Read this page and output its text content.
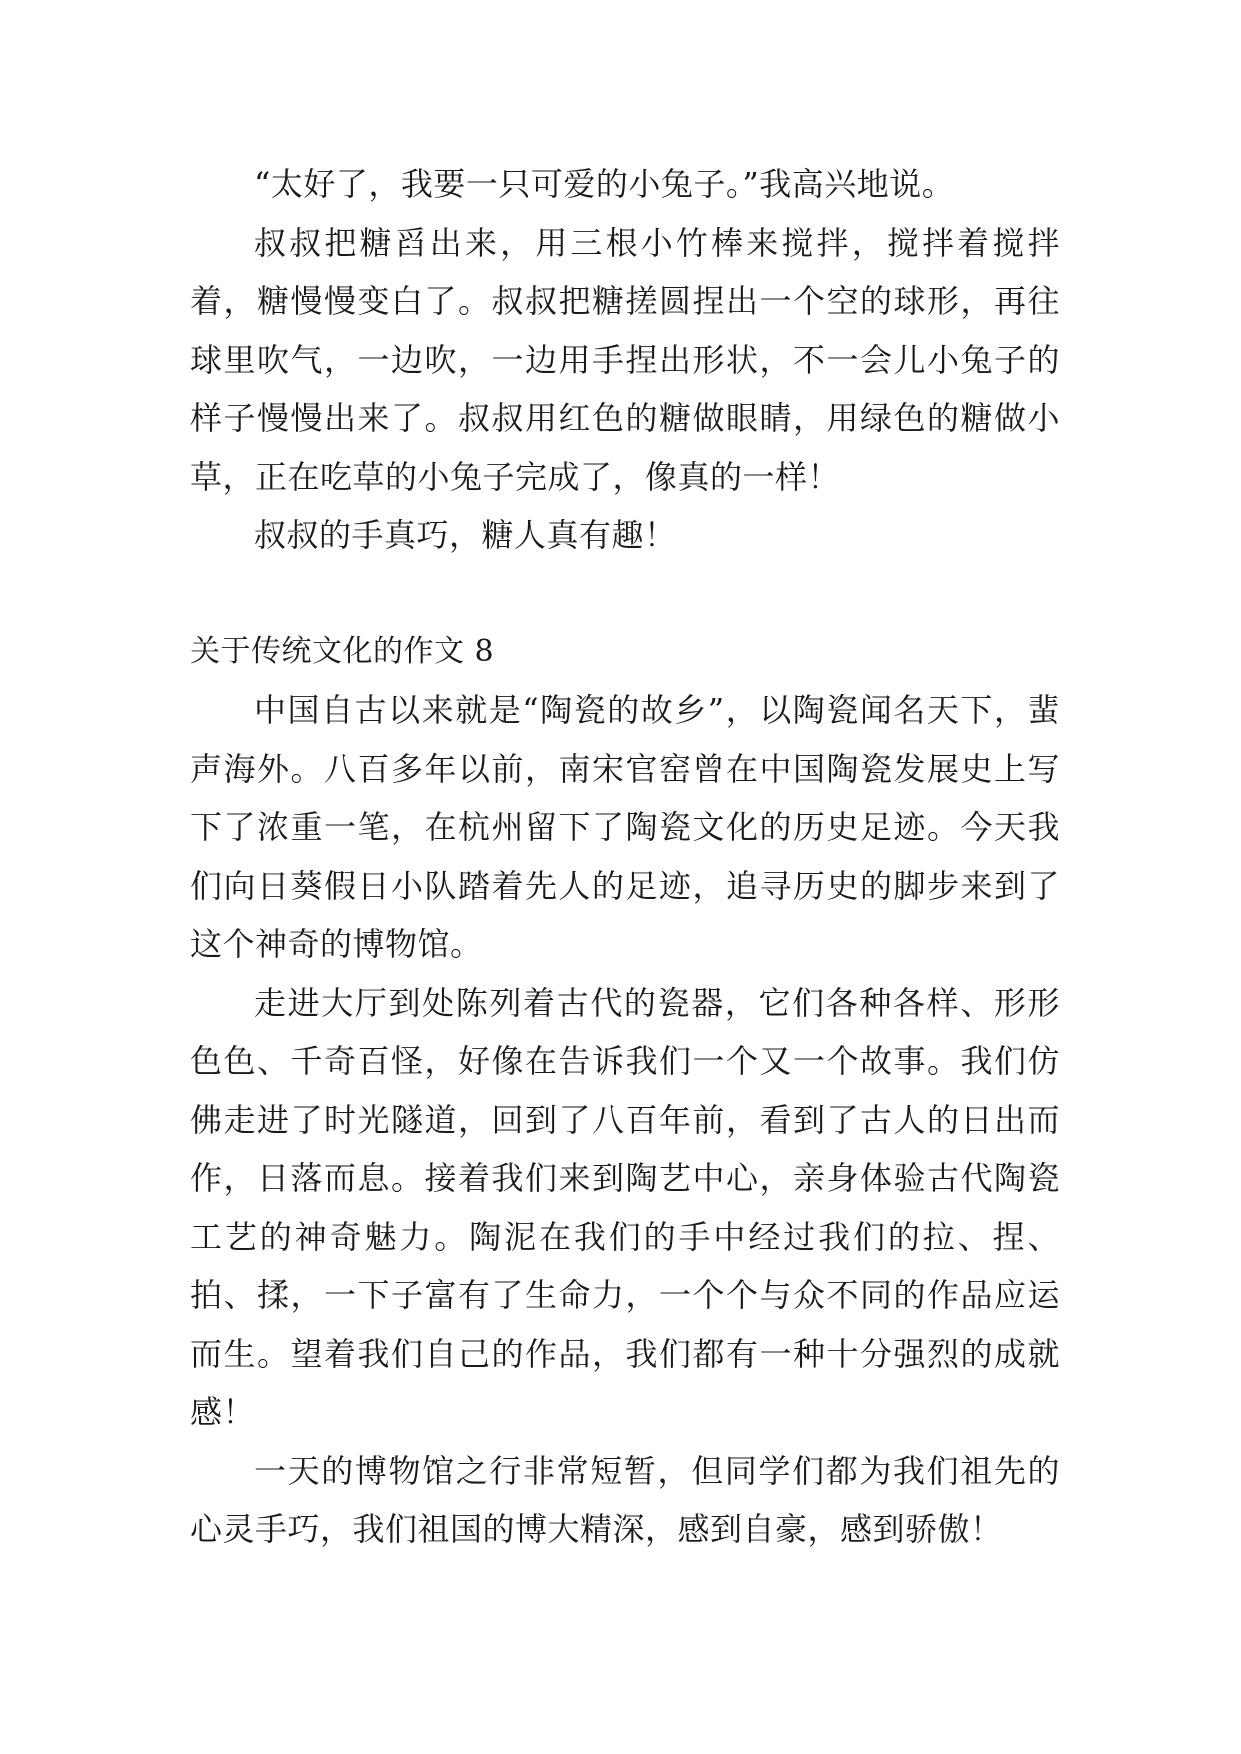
“太好了，我要一只可爱的小兔子。”我高兴地说。

叔叔把糖舀出来，用三根小竹棒来搅拌，搅拌着搅拌着，糖慢慢变白了。叔叔把糖搓圆捏出一个空的球形，再往球里吹气，一边吹，一边用手捏出形状，不一会儿小兔子的样子慢慢出来了。叔叔用红色的糖做眼睛，用绿色的糖做小草，正在吃草的小兔子完成了，像真的一样！

叔叔的手真巧，糖人真有趣！

关于传统文化的作文 8

中国自古以来就是“陶瓷的故乡”，以陶瓷闻名天下，蜚声海外。八百多年以前，南宋官窑曾在中国陶瓷发展史上写下了浓重一笔，在杭州留下了陶瓷文化的历史足迹。今天我们向日葵假日小队踏着先人的足迹，追寻历史的脚步来到了这个神奇的博物馆。

走进大厅到处陈列着古代的瓷器，它们各种各样、形形色色、千奇百怪，好像在告诉我们一个又一个故事。我们仿佛走进了时光隧道，回到了八百年前，看到了古人的日出而作，日落而息。接着我们来到陶艺中心，亲身体验古代陶瓷工艺的神奇魅力。陶泥在我们的手中经过我们的拉、捏、拍、揉，一下子富有了生命力，一个个与众不同的作品应运而生。望着我们自己的作品，我们都有一种十分强烈的成就感！

一天的博物馆之行非常短暂，但同学们都为我们祖先的心灵手巧，我们祖国的博大精深，感到自豪，感到骄傲！
